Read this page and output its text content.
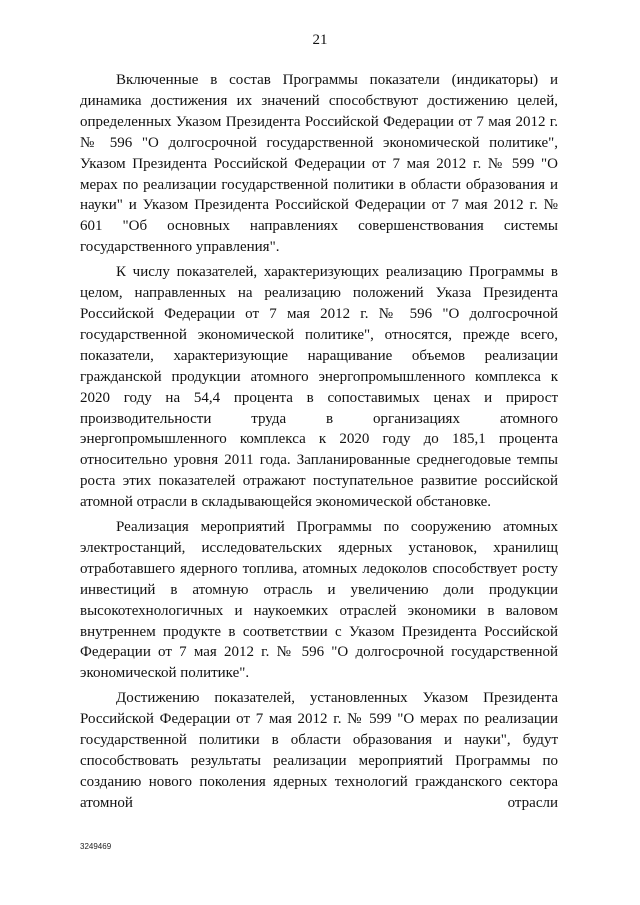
21

Включенные в состав Программы показатели (индикаторы) и динамика достижения их значений способствуют достижению целей, определенных Указом Президента Российской Федерации от 7 мая 2012 г. № 596 "О долгосрочной государственной экономической политике", Указом Президента Российской Федерации от 7 мая 2012 г. № 599 "О мерах по реализации государственной политики в области образования и науки" и Указом Президента Российской Федерации от 7 мая 2012 г. № 601 "Об основных направлениях совершенствования системы государственного управления".

К числу показателей, характеризующих реализацию Программы в целом, направленных на реализацию положений Указа Президента Российской Федерации от 7 мая 2012 г. № 596 "О долгосрочной государственной экономической политике", относятся, прежде всего, показатели, характеризующие наращивание объемов реализации гражданской продукции атомного энергопромышленного комплекса к 2020 году на 54,4 процента в сопоставимых ценах и прирост производительности труда в организациях атомного энергопромышленного комплекса к 2020 году до 185,1 процента относительно уровня 2011 года. Запланированные среднегодовые темпы роста этих показателей отражают поступательное развитие российской атомной отрасли в складывающейся экономической обстановке.

Реализация мероприятий Программы по сооружению атомных электростанций, исследовательских ядерных установок, хранилищ отработавшего ядерного топлива, атомных ледоколов способствует росту инвестиций в атомную отрасль и увеличению доли продукции высокотехнологичных и наукоемких отраслей экономики в валовом внутреннем продукте в соответствии с Указом Президента Российской Федерации от 7 мая 2012 г. № 596 "О долгосрочной государственной экономической политике".

Достижению показателей, установленных Указом Президента Российской Федерации от 7 мая 2012 г. № 599 "О мерах по реализации государственной политики в области образования и науки", будут способствовать результаты реализации мероприятий Программы по созданию нового поколения ядерных технологий гражданского сектора атомной отрасли

3249469
